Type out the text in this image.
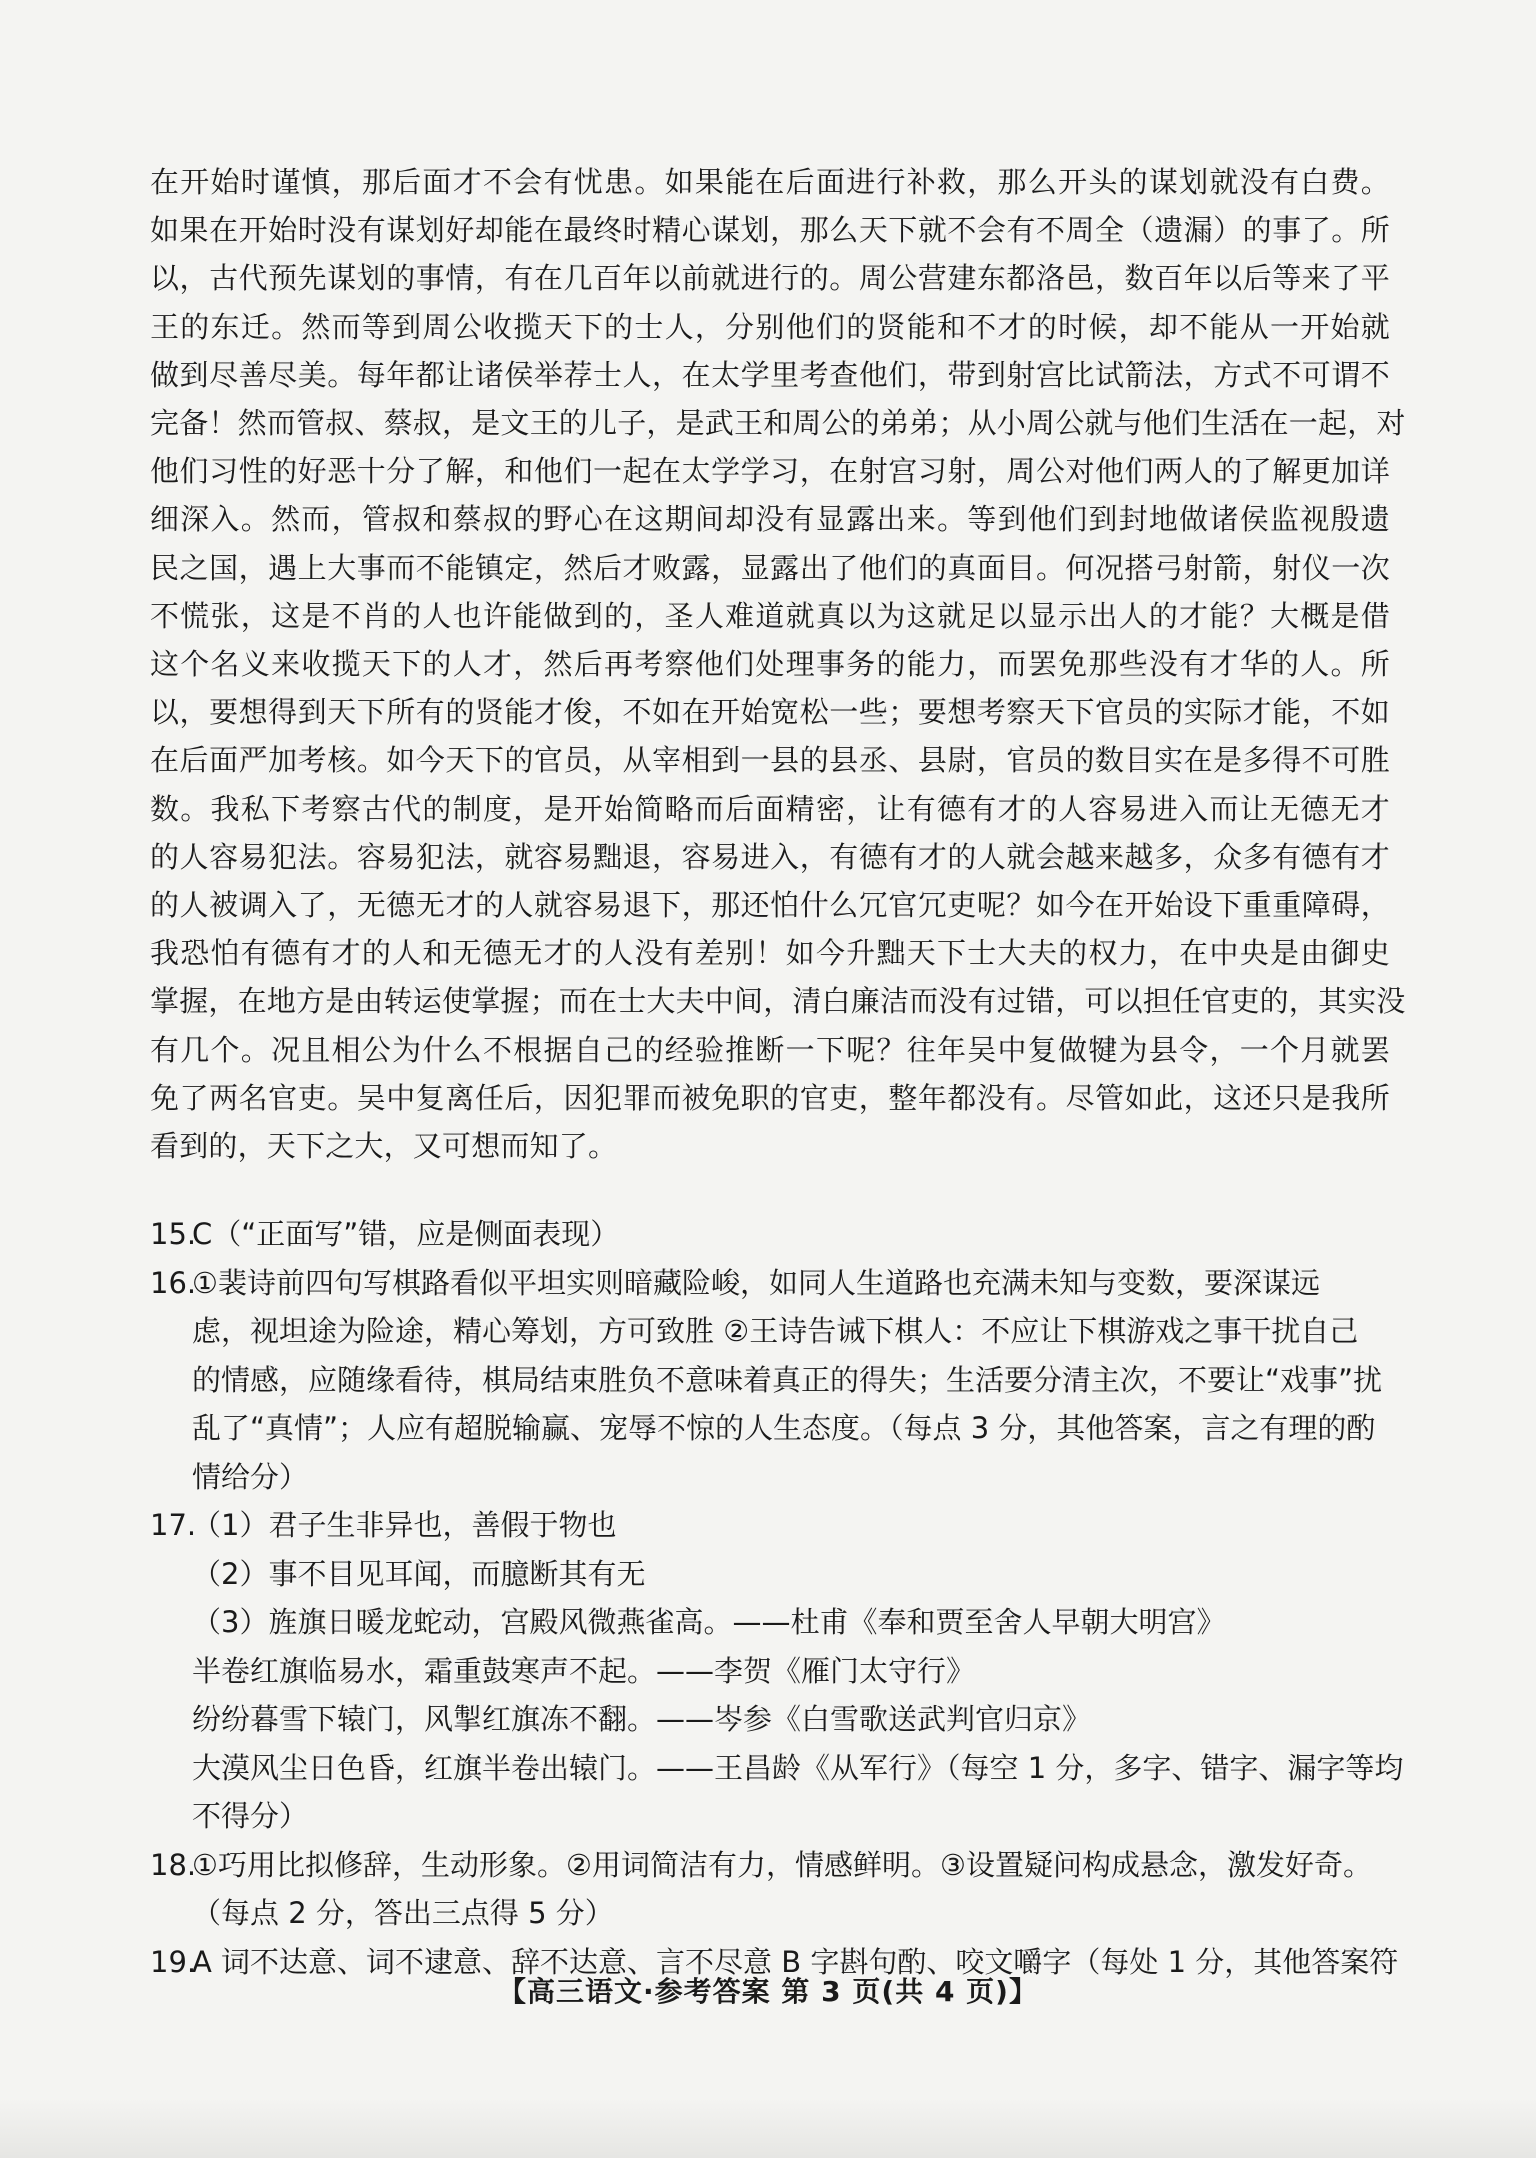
在开始时谨慎，那后面才不会有忧患。如果能在后面进行补救，那么开头的谋划就没有白费。
如果在开始时没有谋划好却能在最终时精心谋划，那么天下就不会有不周全（遗漏）的事了。所
以，古代预先谋划的事情，有在几百年以前就进行的。周公营建东都洛邑，数百年以后等来了平
王的东迁。然而等到周公收揽天下的士人，分别他们的贤能和不才的时候，却不能从一开始就
做到尽善尽美。每年都让诸侯举荐士人，在太学里考查他们，带到射宫比试箭法，方式不可谓不
完备！然而管叔、蔡叔，是文王的儿子，是武王和周公的弟弟；从小周公就与他们生活在一起，对
他们习性的好恶十分了解，和他们一起在太学学习，在射宫习射，周公对他们两人的了解更加详
细深入。然而，管叔和蔡叔的野心在这期间却没有显露出来。等到他们到封地做诸侯监视殷遗
民之国，遇上大事而不能镇定，然后才败露，显露出了他们的真面目。何况搭弓射箭，射仪一次
不慌张，这是不肖的人也许能做到的，圣人难道就真以为这就足以显示出人的才能？大概是借
这个名义来收揽天下的人才，然后再考察他们处理事务的能力，而罢免那些没有才华的人。所
以，要想得到天下所有的贤能才俊，不如在开始宽松一些；要想考察天下官员的实际才能，不如
在后面严加考核。如今天下的官员，从宰相到一县的县丞、县尉，官员的数目实在是多得不可胜
数。我私下考察古代的制度，是开始简略而后面精密，让有德有才的人容易进入而让无德无才
的人容易犯法。容易犯法，就容易黜退，容易进入，有德有才的人就会越来越多，众多有德有才
的人被调入了，无德无才的人就容易退下，那还怕什么冗官冗吏呢？如今在开始设下重重障碍，
我恐怕有德有才的人和无德无才的人没有差别！如今升黜天下士大夫的权力，在中央是由御史
掌握，在地方是由转运使掌握；而在士大夫中间，清白廉洁而没有过错，可以担任官吏的，其实没
有几个。况且相公为什么不根据自己的经验推断一下呢？往年吴中复做犍为县令，一个月就罢
免了两名官吏。吴中复离任后，因犯罪而被免职的官吏，整年都没有。尽管如此，这还只是我所
看到的，天下之大，又可想而知了。
15.
C（“正面写”错，应是侧面表现）
16.
①裴诗前四句写棋路看似平坦实则暗藏险峻，如同人生道路也充满未知与变数，要深谋远
虑，视坦途为险途，精心筹划，方可致胜 ②王诗告诫下棋人：不应让下棋游戏之事干扰自己
的情感，应随缘看待，棋局结束胜负不意味着真正的得失；生活要分清主次，不要让“戏事”扰
乱了“真情”；人应有超脱输赢、宠辱不惊的人生态度。（每点 3 分，其他答案，言之有理的酌
情给分）
17.
（1）君子生非异也，善假于物也
（2）事不目见耳闻，而臆断其有无
（3）旌旗日暖龙蛇动，宫殿风微燕雀高。——杜甫《奉和贾至舍人早朝大明宫》
半卷红旗临易水，霜重鼓寒声不起。——李贺《雁门太守行》
纷纷暮雪下辕门，风掣红旗冻不翻。——岑参《白雪歌送武判官归京》
大漠风尘日色昏，红旗半卷出辕门。——王昌龄《从军行》（每空 1 分，多字、错字、漏字等均
不得分）
18.
①巧用比拟修辞，生动形象。②用词简洁有力，情感鲜明。③设置疑问构成悬念，激发好奇。
（每点 2 分，答出三点得 5 分）
19.
A 词不达意、词不逮意、辞不达意、言不尽意 B 字斟句酌、咬文嚼字（每处 1 分，其他答案符
【高三语文·参考答案 第 3 页(共 4 页)】
